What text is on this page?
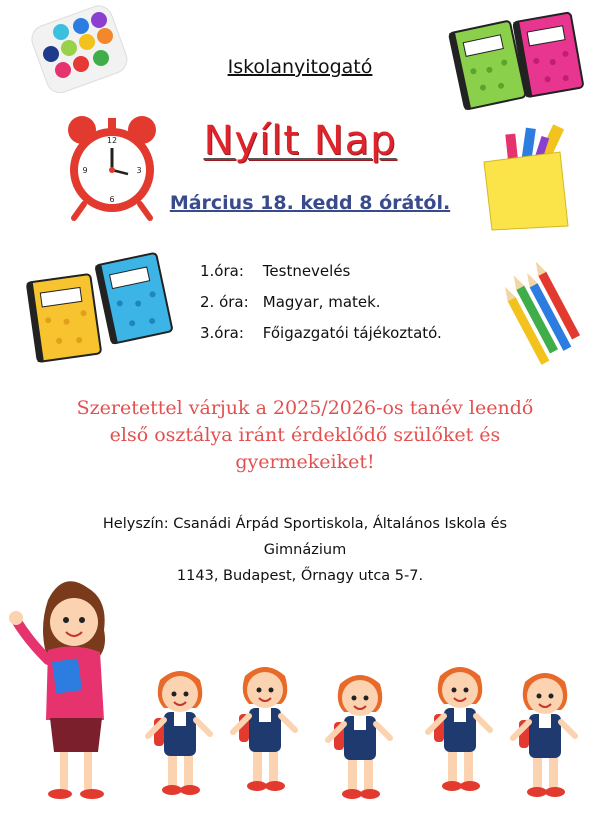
12
3
6
9
Iskolanyitogató
Nyílt Nap
Március 18. kedd 8 órától.
1.óra: Testnevelés
2. óra: Magyar, matek.
3.óra: Főigazgatói tájékoztató.
Szeretettel várjuk a 2025/2026-os tanév leendő
első osztálya iránt érdeklődő szülőket és
gyermekeiket!
Helyszín: Csanádi Árpád Sportiskola, Általános Iskola és
Gimnázium
1143, Budapest, Őrnagy utca 5-7.
